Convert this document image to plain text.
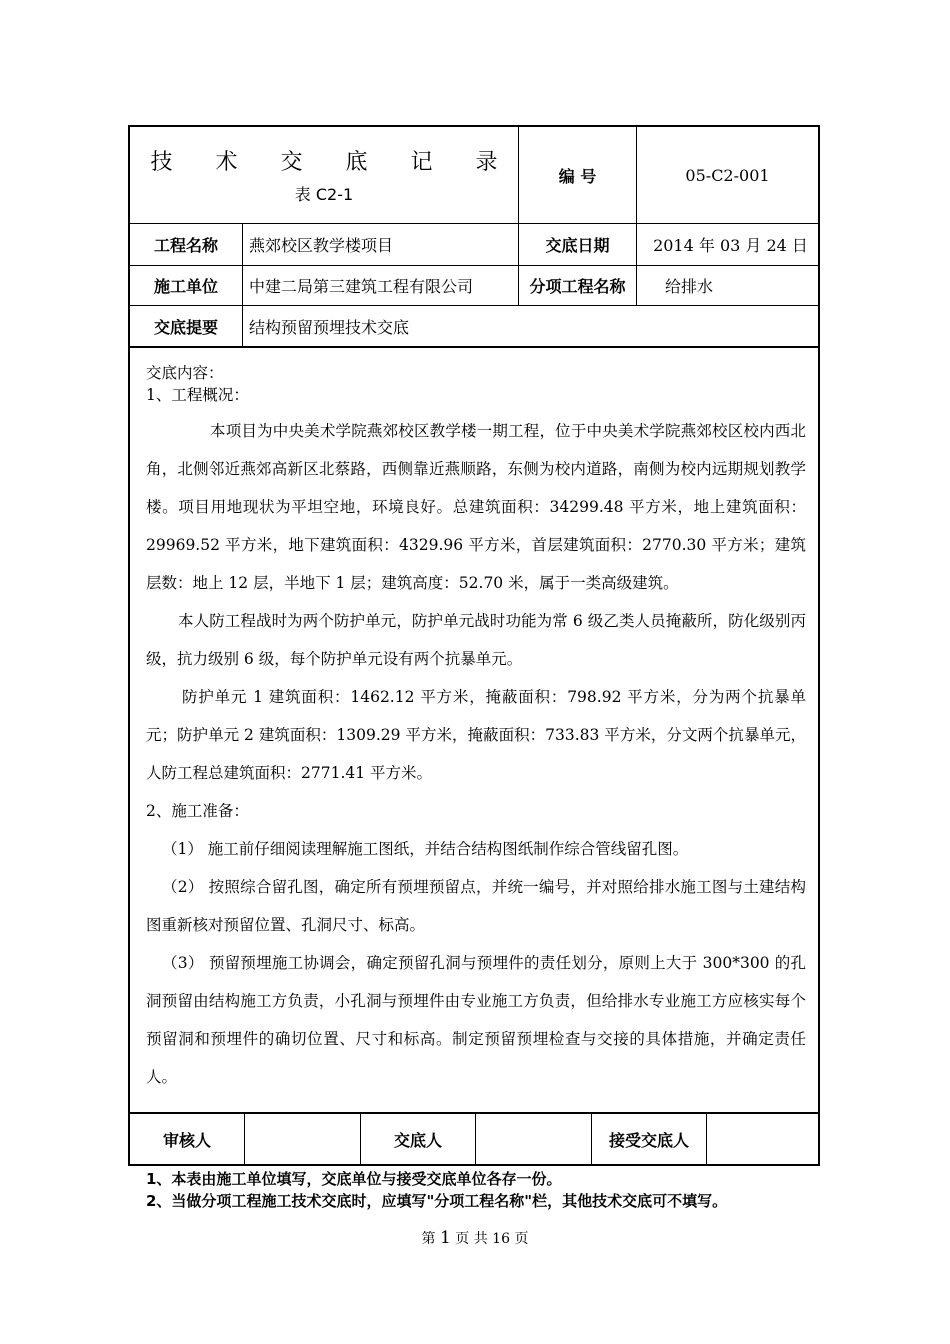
技 术 交 底 记 录
表 C2-1
编 号	05-C2-001
工程名称	燕郊校区教学楼项目	交底日期	2014 年 03 月 24 日
施工单位	中建二局第三建筑工程有限公司	分项工程名称	给排水
交底提要	结构预留预埋技术交底

交底内容：

1、工程概况：

本项目为中央美术学院燕郊校区教学楼一期工程，位于中央美术学院燕郊校区校内西北角，北侧邻近燕郊高新区北蔡路，西侧靠近燕顺路，东侧为校内道路，南侧为校内远期规划教学楼。项目用地现状为平坦空地，环境良好。总建筑面积：34299.48 平方米，地上建筑面积：29969.52 平方米，地下建筑面积：4329.96 平方米，首层建筑面积：2770.30 平方米；建筑层数：地上 12 层，半地下 1 层；建筑高度：52.70 米，属于一类高级建筑。

本人防工程战时为两个防护单元，防护单元战时功能为常 6 级乙类人员掩蔽所，防化级别丙级，抗力级别 6 级，每个防护单元设有两个抗暴单元。

防护单元 1 建筑面积：1462.12 平方米，掩蔽面积：798.92 平方米，分为两个抗暴单元；防护单元 2 建筑面积：1309.29 平方米，掩蔽面积：733.83 平方米，分文两个抗暴单元，人防工程总建筑面积：2771.41 平方米。

2、施工准备：

（1） 施工前仔细阅读理解施工图纸，并结合结构图纸制作综合管线留孔图。

（2） 按照综合留孔图，确定所有预埋预留点，并统一编号，并对照给排水施工图与土建结构图重新核对预留位置、孔洞尺寸、标高。

（3） 预留预埋施工协调会，确定预留孔洞与预埋件的责任划分，原则上大于 300*300 的孔洞预留由结构施工方负责，小孔洞与预埋件由专业施工方负责，但给排水专业施工方应核实每个预留洞和预埋件的确切位置、尺寸和标高。制定预留预埋检查与交接的具体措施，并确定责任人。

审核人	交底人	接受交底人
1、本表由施工单位填写，交底单位与接受交底单位各存一份。
2、当做分项工程施工技术交底时，应填写"分项工程名称"栏，其他技术交底可不填写。
第 1 页 共 16 页
